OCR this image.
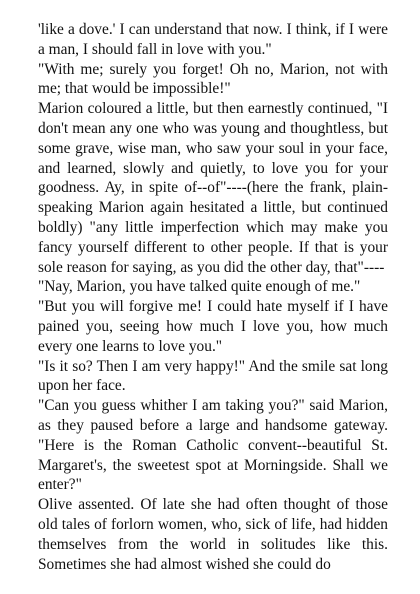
'like a dove.' I can understand that now. I think, if I were a man, I should fall in love with you."

"With me; surely you forget! Oh no, Marion, not with me; that would be impossible!"

Marion coloured a little, but then earnestly continued, "I don't mean any one who was young and thoughtless, but some grave, wise man, who saw your soul in your face, and learned, slowly and quietly, to love you for your goodness. Ay, in spite of--of"----(here the frank, plain-speaking Marion again hesitated a little, but continued boldly) "any little imperfection which may make you fancy yourself different to other people. If that is your sole reason for saying, as you did the other day, that"----

"Nay, Marion, you have talked quite enough of me."

"But you will forgive me! I could hate myself if I have pained you, seeing how much I love you, how much every one learns to love you."

"Is it so? Then I am very happy!" And the smile sat long upon her face.

"Can you guess whither I am taking you?" said Marion, as they paused before a large and handsome gateway. "Here is the Roman Catholic convent--beautiful St. Margaret's, the sweetest spot at Morningside. Shall we enter?"

Olive assented. Of late she had often thought of those old tales of forlorn women, who, sick of life, had hidden themselves from the world in solitudes like this. Sometimes she had almost wished she could do
